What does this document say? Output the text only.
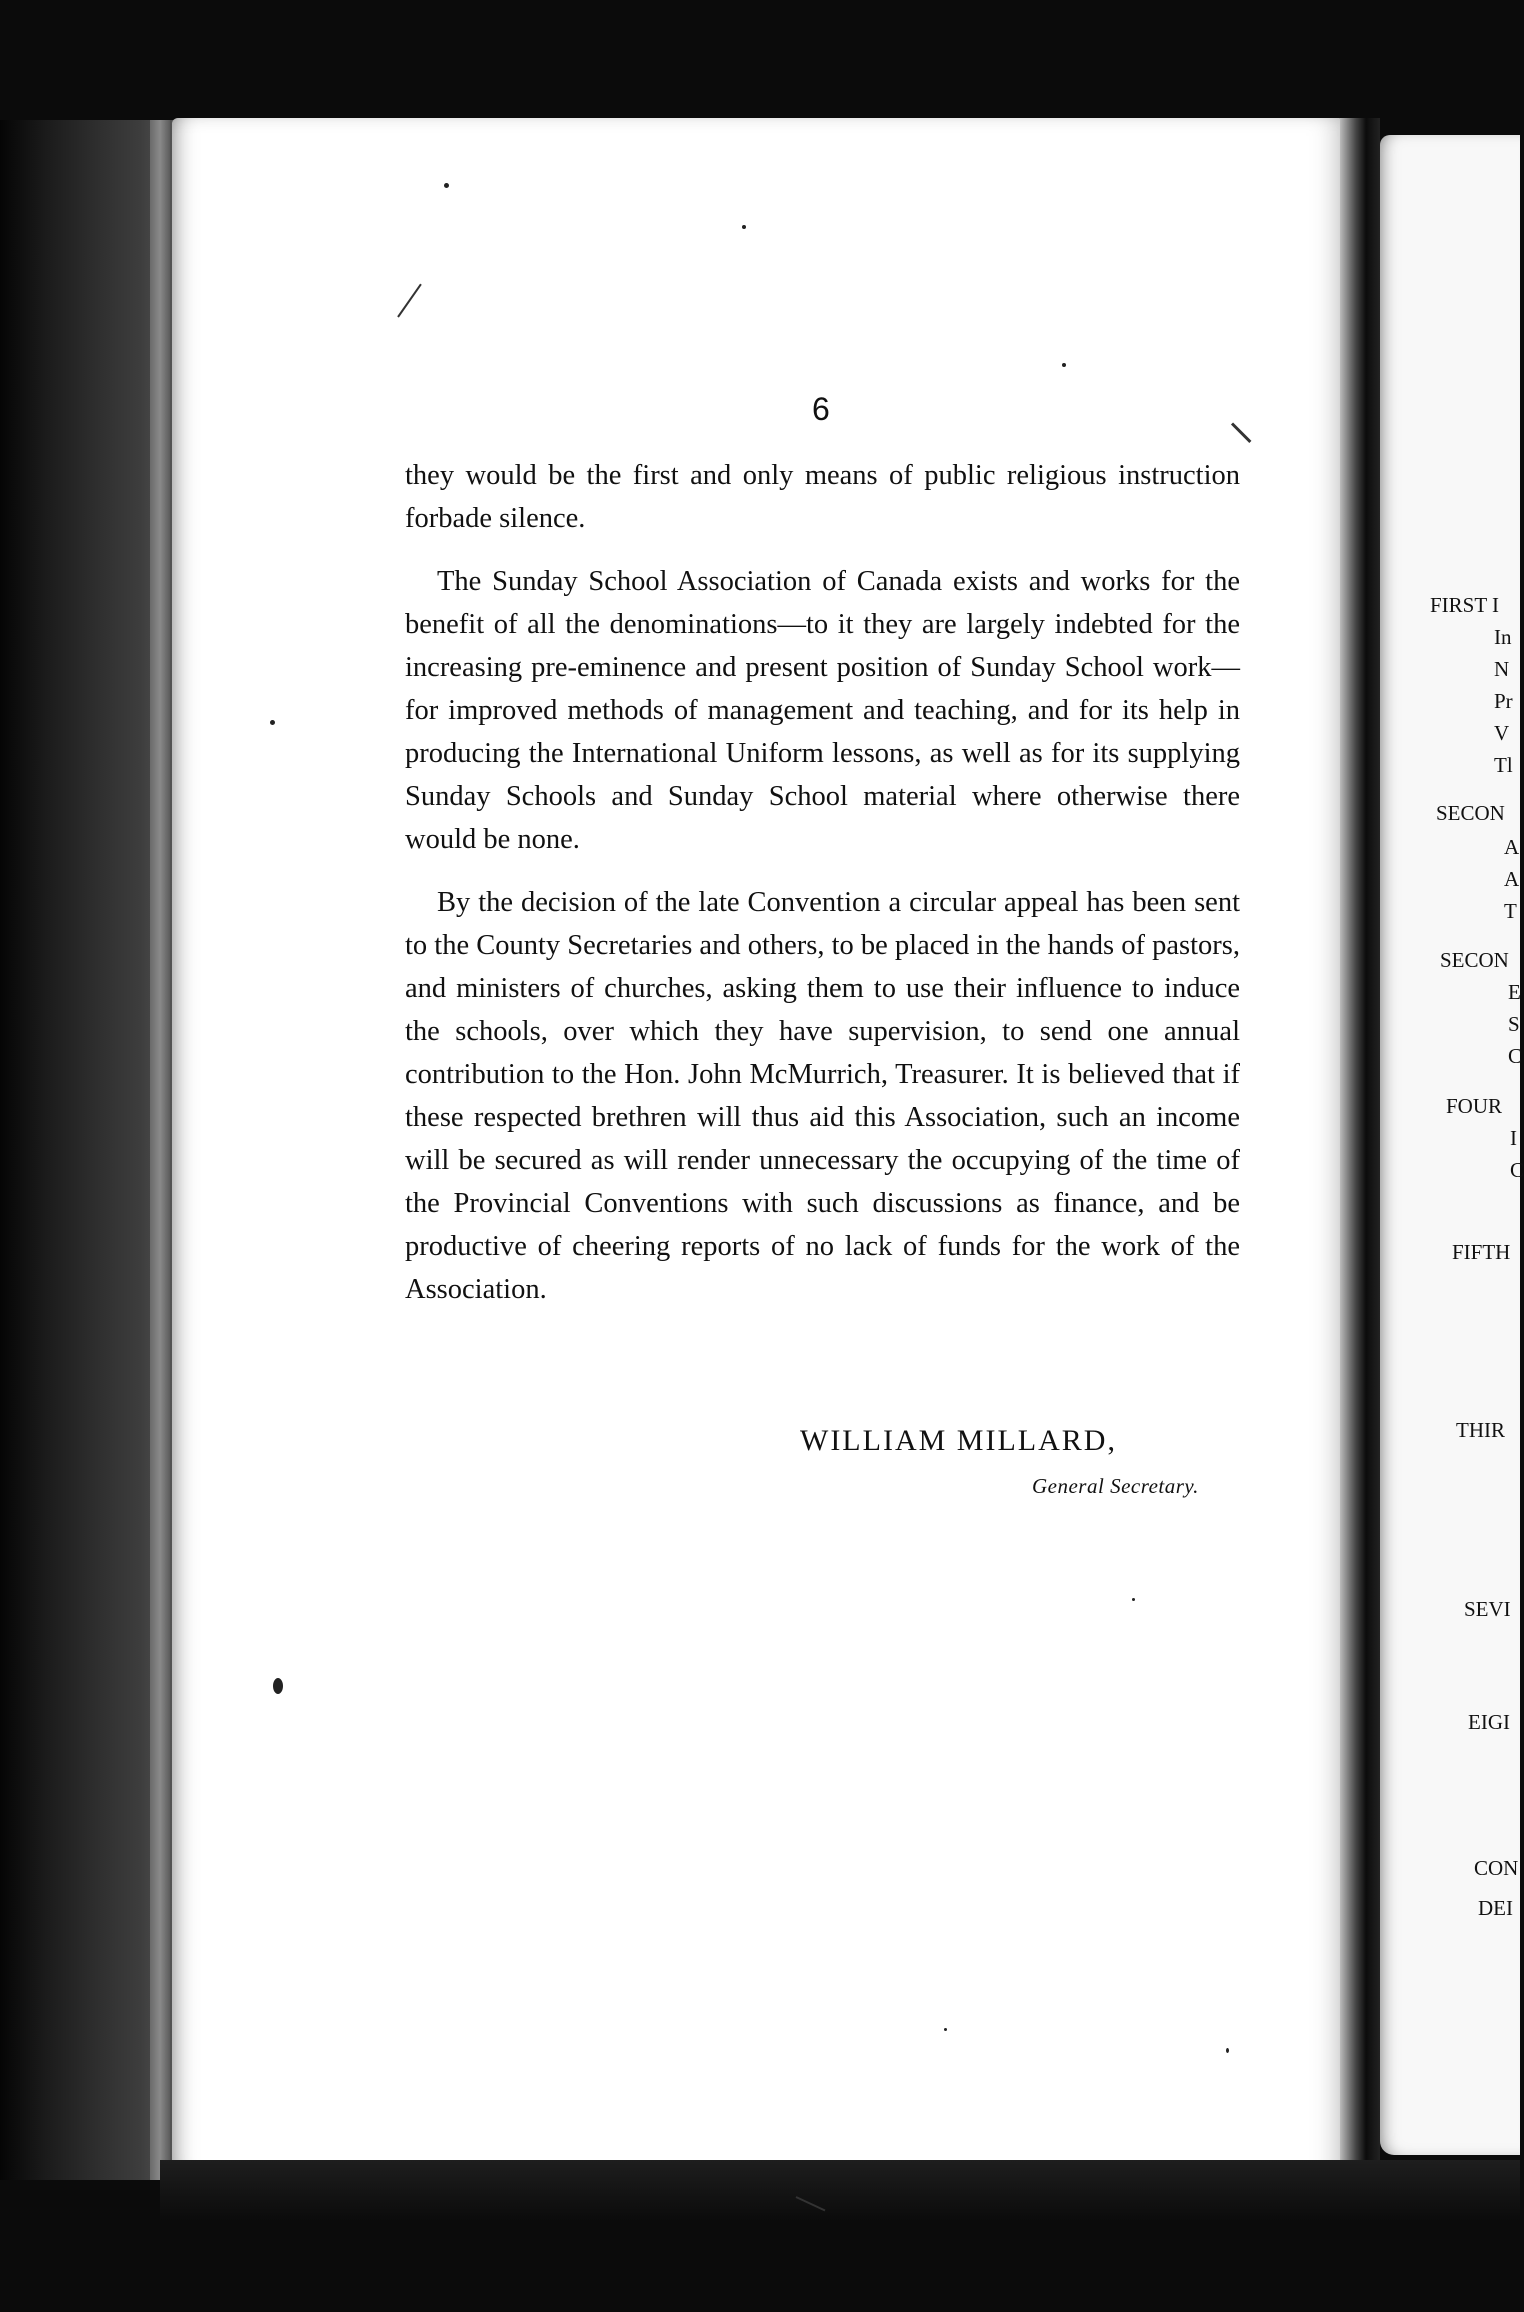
6

they would be the first and only means of public religious instruction forbade silence.

The Sunday School Association of Canada exists and works for the benefit of all the denominations—to it they are largely indebted for the increasing pre-eminence and present position of Sunday School work—for improved methods of management and teaching, and for its help in producing the International Uniform lessons, as well as for its supplying Sunday Schools and Sunday School material where otherwise there would be none.

By the decision of the late Convention a circular appeal has been sent to the County Secretaries and others, to be placed in the hands of pastors, and ministers of churches, asking them to use their influence to induce the schools, over which they have supervision, to send one annual contribution to the Hon. John McMurrich, Treasurer. It is believed that if these respected brethren will thus aid this Association, such an income will be secured as will render unnecessary the occupying of the time of the Provincial Conventions with such discussions as finance, and be productive of cheering reports of no lack of funds for the work of the Association.

WILLIAM MILLARD,
General Secretary.
FIRST I
In
N
Pr
V
Tl
SECON
A
A
T
SECON
E
S
C
FOUR
I
C
FIFTH
THIR
SEVI
EIGI
CON
DEI
